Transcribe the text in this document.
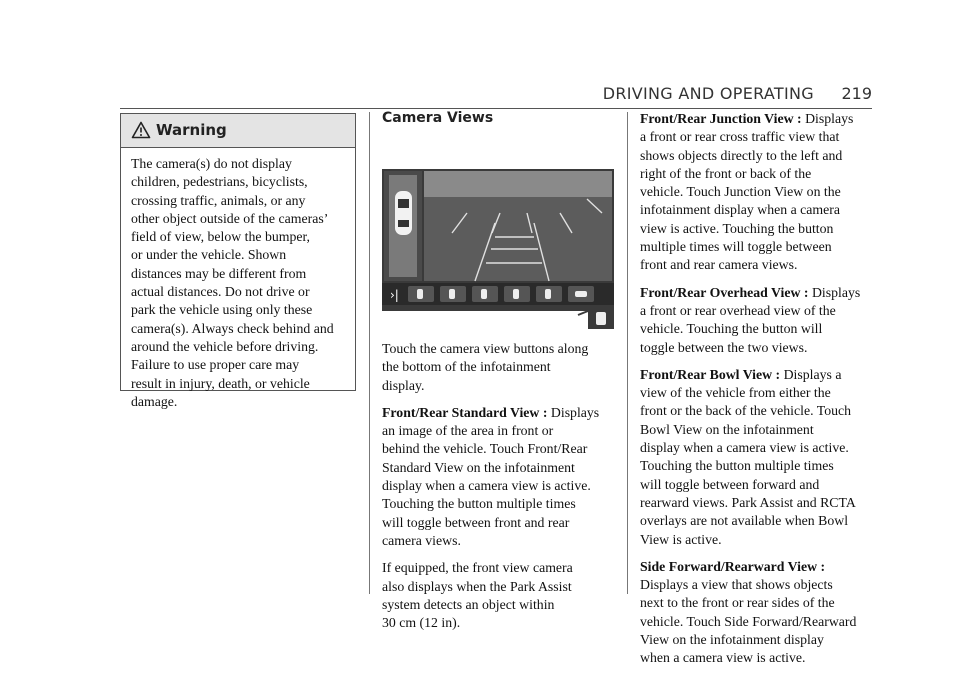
DRIVING AND OPERATING 219
Warning
The camera(s) do not display
children, pedestrians, bicyclists,
crossing traffic, animals, or any
other object outside of the cameras’
field of view, below the bumper,
or under the vehicle. Shown
distances may be different from
actual distances. Do not drive or
park the vehicle using only these
camera(s). Always check behind and
around the vehicle before driving.
Failure to use proper care may
result in injury, death, or vehicle
damage.
Camera Views
›|

Touch the camera view buttons along
the bottom of the infotainment
display.

Front/Rear Standard View : Displays
an image of the area in front or
behind the vehicle. Touch Front/Rear
Standard View on the infotainment
display when a camera view is active.
Touching the button multiple times
will toggle between front and rear
camera views.

If equipped, the front view camera
also displays when the Park Assist
system detects an object within
30 cm (12 in).

Front/Rear Junction View : Displays
a front or rear cross traffic view that
shows objects directly to the left and
right of the front or back of the
vehicle. Touch Junction View on the
infotainment display when a camera
view is active. Touching the button
multiple times will toggle between
front and rear camera views.

Front/Rear Overhead View : Displays
a front or rear overhead view of the
vehicle. Touching the button will
toggle between the two views.

Front/Rear Bowl View : Displays a
view of the vehicle from either the
front or the back of the vehicle. Touch
Bowl View on the infotainment
display when a camera view is active.
Touching the button multiple times
will toggle between forward and
rearward views. Park Assist and RCTA
overlays are not available when Bowl
View is active.

Side Forward/Rearward View :
Displays a view that shows objects
next to the front or rear sides of the
vehicle. Touch Side Forward/Rearward
View on the infotainment display
when a camera view is active.
